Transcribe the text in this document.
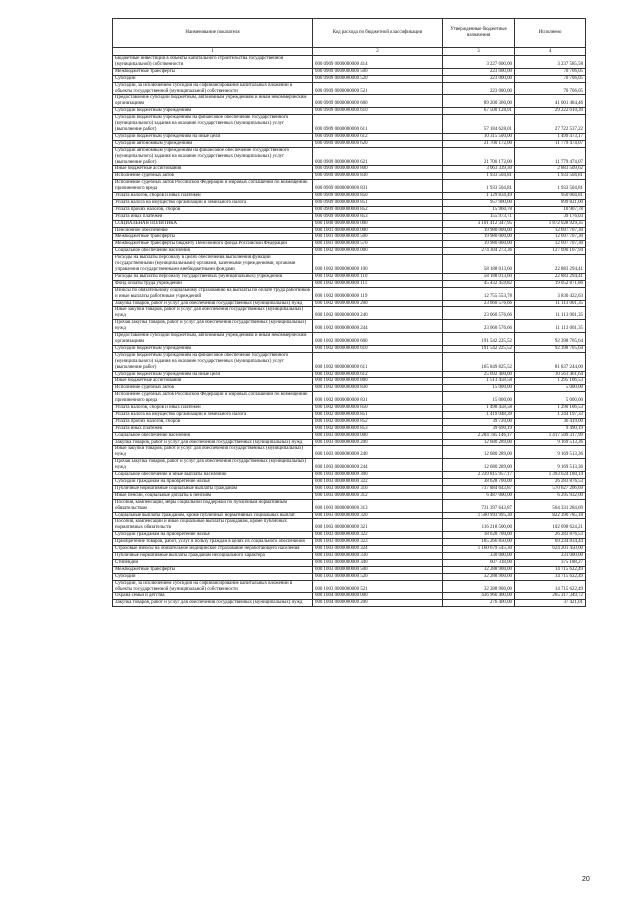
Наименование показателя	Код расхода по бюджетной классификации	Утвержденные бюджетные назначения	Исполнено
1	2	3	4
Бюджетные инвестиции в объекты капитального строительства государственной (муниципальной) собственности	000 0909 0000000000 414	3 227 600,00	3 237 585,58
Межбюджетные трансферты	000 0909 0000000000 500	223 000,00	70 706,05
Субсидии	000 0909 0000000000 520	223 000,00	70 706,05
Субсидии, за исключением субсидий на софинансирование капитальных вложений в объекты государственной (муниципальной) собственности	000 0909 0000000000 521	223 000,00	70 706,05
Предоставление субсидий бюджетным, автономным учреждениям и иным некоммерческим организациям	000 0909 0000000000 600	89 200 300,00	41 001 484,46
Субсидии бюджетным учреждениям	000 0909 0000000000 610	67 500 128,01	29 222 010,39
Субсидии бюджетным учреждениям на финансовое обеспечение государственного (муниципального) задания на оказание государственных (муниципальных) услуг (выполнение работ)	000 0909 0000000000 611	57 184 628,01	27 722 537,22
Субсидии бюджетным учреждениям на иные цели	000 0909 0000000000 612	10 315 500,00	1 499 473,17
Субсидии автономным учреждениям	000 0909 0000000000 620	21 700 172,00	11 779 474,07
Субсидии автономным учреждениям на финансовое обеспечение государственного (муниципального) задания на оказание государственных (муниципальных) услуг (выполнение работ)	000 0909 0000000000 621	21 700 172,00	11 779 474,07
Иные бюджетные ассигнования	000 0909 0000000000 800	3 063 339,30	2 883 509,62
Исполнение судебных актов	000 0909 0000000000 830	1 933 504,81	1 933 504,81
Исполнение судебных актов Российской Федерации и мировых соглашений по возмещению причиненного вреда	000 0909 0000000000 831	1 933 504,81	1 933 504,81
Уплата налогов, сборов и иных платежей	000 0909 0000000000 850	1 129 834,49	950 004,81
Уплата налога на имущество организаций и земельного налога	000 0909 0000000000 851	957 900,00	899 821,00
Уплата прочих налогов, сборов	000 0909 0000000000 852	15 960,78	10 907,78
Уплата иных платежей	000 0909 0000000000 853	155 973,71	39 176,03
СОЦИАЛЬНАЯ ПОЛИТИКА	000 1000 0000000000 000	3 101 412 347,95	1 872 028 929,35
Пенсионное обеспечение	000 1001 0000000000 000	19 980 000,00	12 697 707,30
Межбюджетные трансферты	000 1001 0000000000 500	19 980 000,00	12 697 707,30
Межбюджетные трансферты бюджету Пенсионного фонда Российской Федерации	000 1001 0000000000 570	19 980 000,00	12 697 707,30
Социальное обеспечение населения	000 1002 0000000000 000	274 304 273,36	127 690 107,94
Расходы на выплаты персоналу в целях обеспечения выполнения функций государственными (муниципальными) органами, казенными учреждениями, органами управления государственными внебюджетными фондами	000 1002 0000000000 100	58 188 013,60	22 883 294,41
Расходы на выплаты персоналу государственных (муниципальных) учреждений	000 1002 0000000000 110	58 188 013,60	22 883 294,41
Фонд оплаты труда учреждений	000 1002 0000000000 111	45 432 459,82	19 052 871,86
Взносы по обязательному социальному страхованию на выплаты по оплате труда работников и иные выплаты работникам учреждений	000 1002 0000000000 119	12 755 553,78	3 830 422,63
Закупка товаров, работ и услуг для обеспечения государственных (муниципальных) нужд	000 1002 0000000000 200	23 060 576,66	11 113 001,35
Иные закупки товаров, работ и услуг для обеспечения государственных (муниципальных) нужд	000 1002 0000000000 240	23 060 576,66	11 113 001,35
Прочая закупка товаров, работ и услуг для обеспечения государственных (муниципальных) нужд	000 1002 0000000000 244	23 060 576,66	11 113 001,35
Предоставление субсидий бюджетным, автономным учреждениям и иным некоммерческим организациям	000 1002 0000000000 600	191 542 225,52	92 398 705,64
Субсидии бюджетным учреждениям	000 1002 0000000000 610	191 542 225,52	92 398 705,64
Субсидии бюджетным учреждениям на финансовое обеспечение государственного (муниципального) задания на оказание государственных (муниципальных) услуг (выполнение работ)	000 1002 0000000000 611	165 849 825,52	81 837 244,00
Субсидии бюджетным учреждениям на иные цели	000 1002 0000000000 612	25 692 400,00	10 561 461,64
Иные бюджетные ассигнования	000 1002 0000000000 800	1 513 458,58	1 295 106,53
Исполнение судебных актов	000 1002 0000000000 830	15 000,00	5 000,00
Исполнение судебных актов Российской Федерации и мировых соглашений по возмещению причиненного вреда	000 1002 0000000000 831	15 000,00	5 000,00
Уплата налогов, сборов и иных платежей	000 1002 0000000000 850	1 498 458,58	1 290 106,53
Уплата налога на имущество организаций и земельного налога	000 1002 0000000000 851	1 419 048,39	1 244 197,33
Уплата прочих налогов, сборов	000 1002 0000000000 852	39 720,00	36 419,00
Уплата иных платежей	000 1002 0000000000 853	39 690,19	9 490,19
Социальное обеспечение населения	000 1003 0000000000 000	2 284 785 146,17	1 417 509 317,99
Закупка товаров, работ и услуг для обеспечения государственных (муниципальных) нужд	000 1003 0000000000 200	12 680 289,00	9 169 513,36
Иные закупки товаров, работ и услуг для обеспечения государственных (муниципальных) нужд	000 1003 0000000000 240	12 680 289,00	9 169 513,36
Прочая закупка товаров, работ и услуг для обеспечения государственных (муниципальных) нужд	000 1003 0000000000 244	12 680 289,00	9 169 513,36
Социальное обеспечение и иные выплаты населению	000 1003 0000000000 300	2 239 815 957,17	1 393 624 180,14
Субсидии гражданам на приобретение жилья	000 1003 0000000000 322	38 628 700,00	26 283 876,53
Публичные нормативные социальные выплаты гражданам	000 1003 0000000000 310	737 884 643,87	570 627 206,69
Иные пенсии, социальные доплаты к пенсиям	000 1003 0000000000 312	6 487 000,00	6 295 932,00
Пособия, компенсации, меры социальной поддержки по публичным нормативным обязательствам	000 1003 0000000000 313	731 397 643,87	564 331 284,69
Социальные выплаты гражданам, кроме публичных нормативных социальных выплат	000 1003 0000000000 320	1 500 993 995,30	822 390 785,18
Пособия, компенсации и иные социальные выплаты гражданам, кроме публичных нормативных обязательств	000 1003 0000000000 321	116 218 500,00	102 698 624,21
Субсидии гражданам на приобретение жилья	000 1003 0000000000 322	38 628 700,00	26 283 876,53
Приобретение товаров, работ, услуг в пользу граждан в целях их социального обеспечения	000 1003 0000000000 323	185 266 850,00	69 234 834,44
Страховые взносы на обязательное медицинское страхование неработающего населения	000 1003 0000000000 324	1 160 679 545,30	624 201 450,00
Публичные нормативные выплаты гражданам несоциального характера	000 1003 0000000000 330	330 000,00	231 000,00
Стипендии	000 1003 0000000000 340	607 318,00	375 188,27
Межбюджетные трансферты	000 1003 0000000000 500	32 288 900,00	14 715 622,49
Субсидии	000 1003 0000000000 520	32 288 900,00	14 715 622,49
Субсидии, за исключением субсидий на софинансирование капитальных вложений в объекты государственной (муниципальной) собственности	000 1003 0000000000 521	32 288 900,00	14 715 622,49
Охрана семьи и детства	000 1004 0000000000 000	436 966 400,00	265 317 349,72
Закупка товаров, работ и услуг для обеспечения государственных (муниципальных) нужд	000 1004 0000000000 200	276 400,00	37 421,01
20
